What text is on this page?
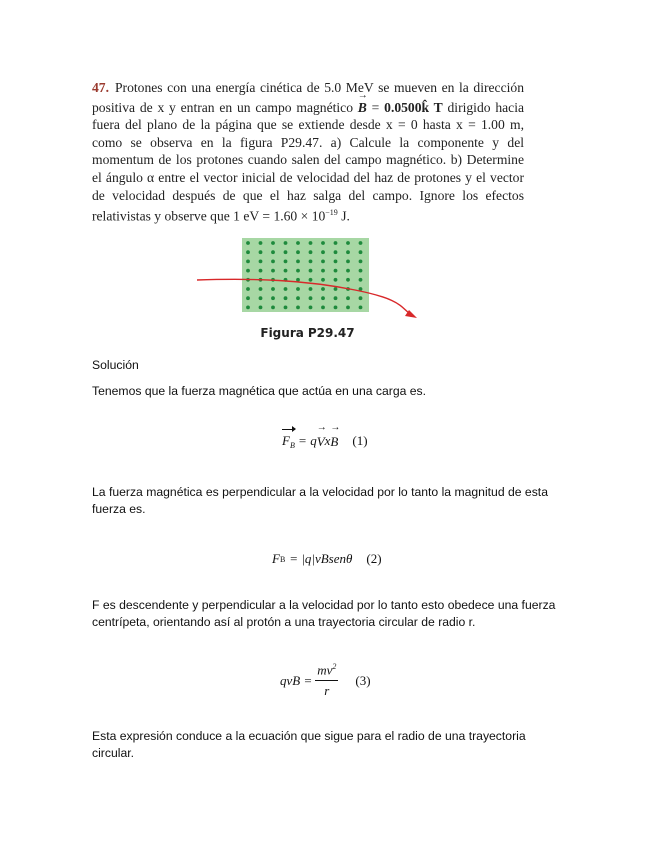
47. Protones con una energía cinética de 5.0 MeV se mueven en la dirección positiva de x y entran en un campo magnético → B = 0.0500k̂ T dirigido hacia fuera del plano de la página que se extiende desde x = 0 hasta x = 1.00 m, como se observa en la figura P29.47. a) Calcule la componente y del momentum de los protones cuando salen del campo magnético. b) Determine el ángulo α entre el vector inicial de velocidad del haz de protones y el vector de velocidad después de que el haz salga del campo. Ignore los efectos relativistas y observe que 1 eV = $1.60 \times 10^{-19}$ J.
Figura P29.47
Solución
Tenemos que la fuerza magnética que actúa en una carga es.
$F_B = q$
→ V x
→ B (1)
La fuerza magnética es perpendicular a la velocidad por lo tanto la magnitud de esta fuerza es.
F B = |q|vBsenθ (2)
F es descendente y perpendicular a la velocidad por lo tanto esto obedece una fuerza centrípeta, orientando así al protón a una trayectoria circular de radio r.
qvB = $\frac{mv^2}{r} (3)$
Esta expresión conduce a la ecuación que sigue para el radio de una trayectoria circular.
